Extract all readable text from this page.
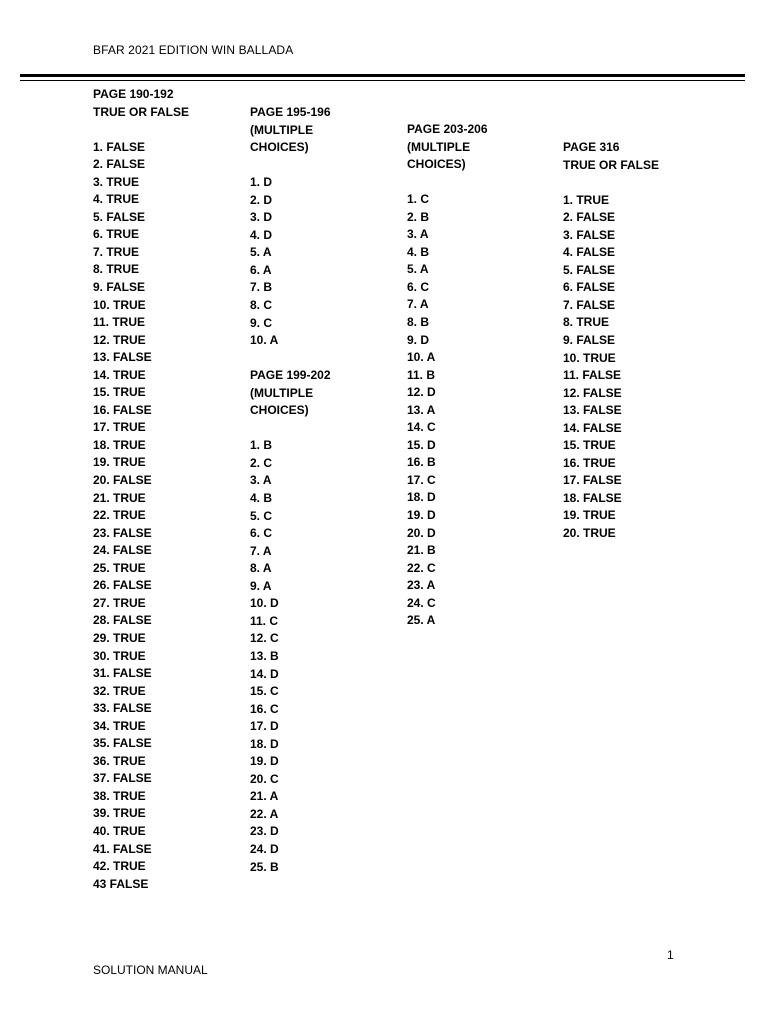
BFAR 2021 EDITION WIN BALLADA
PAGE 190-192
TRUE OR FALSE
1. FALSE
2. FALSE
3. TRUE
4. TRUE
5. FALSE
6. TRUE
7. TRUE
8. TRUE
9. FALSE
10. TRUE
11. TRUE
12. TRUE
13. FALSE
14. TRUE
15. TRUE
16. FALSE
17. TRUE
18. TRUE
19. TRUE
20. FALSE
21. TRUE
22. TRUE
23. FALSE
24. FALSE
25. TRUE
26. FALSE
27. TRUE
28. FALSE
29. TRUE
30. TRUE
31. FALSE
32. TRUE
33. FALSE
34. TRUE
35. FALSE
36. TRUE
37. FALSE
38. TRUE
39. TRUE
40. TRUE
41. FALSE
42. TRUE
43 FALSE
PAGE 195-196
(MULTIPLE
CHOICES)
1. D
2. D
3. D
4. D
5. A
6. A
7. B
8. C
9. C
10. A
PAGE 199-202
(MULTIPLE
CHOICES)
1. B
2. C
3. A
4. B
5. C
6. C
7. A
8. A
9. A
10. D
11. C
12. C
13. B
14. D
15. C
16. C
17. D
18. D
19. D
20. C
21. A
22. A
23. D
24. D
25. B
PAGE 203-206
(MULTIPLE
CHOICES)
1. C
2. B
3. A
4. B
5. A
6. C
7. A
8. B
9. D
10. A
11. B
12. D
13. A
14. C
15. D
16. B
17. C
18. D
19. D
20. D
21. B
22. C
23. A
24. C
25. A
PAGE 316
TRUE OR FALSE
1. TRUE
2. FALSE
3. FALSE
4. FALSE
5. FALSE
6. FALSE
7. FALSE
8. TRUE
9. FALSE
10. TRUE
11. FALSE
12. FALSE
13. FALSE
14. FALSE
15. TRUE
16. TRUE
17. FALSE
18. FALSE
19. TRUE
20. TRUE
1
SOLUTION MANUAL
